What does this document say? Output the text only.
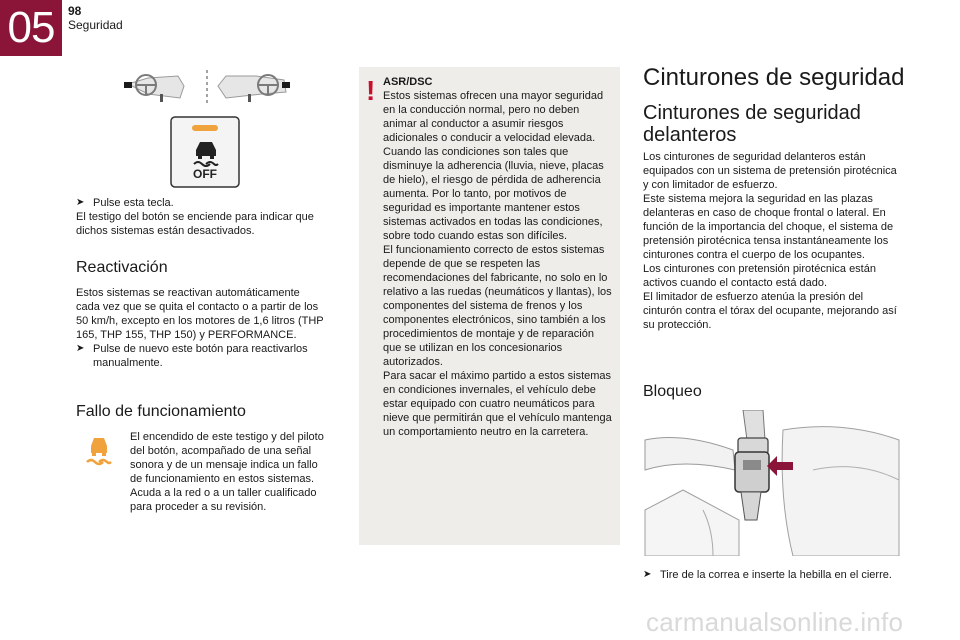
05	98
Seguridad
OFF

➤ Pulse esta tecla.

El testigo del botón se enciende para indicar que dichos sistemas están desactivados.

Reactivación

Estos sistemas se reactivan automáticamente cada vez que se quita el contacto o a partir de los 50 km/h, excepto en los motores de 1,6 litros (THP 165, THP 155, THP 150) y PERFORMANCE.

➤ Pulse de nuevo este botón para reactivarlos manualmente.

Fallo de funcionamiento

El encendido de este testigo y del piloto del botón, acompañado de una señal sonora y de un mensaje indica un fallo de funcionamiento en estos sistemas. Acuda a la red o a un taller cualificado para proceder a su revisión.

! ASR/DSC

Estos sistemas ofrecen una mayor seguridad en la conducción normal, pero no deben animar al conductor a asumir riesgos adicionales o conducir a velocidad elevada.

Cuando las condiciones son tales que disminuye la adherencia (lluvia, nieve, placas de hielo), el riesgo de pérdida de adherencia aumenta. Por lo tanto, por motivos de seguridad es importante mantener estos sistemas activados en todas las condiciones, sobre todo cuando estas son difíciles.

El funcionamiento correcto de estos sistemas depende de que se respeten las recomendaciones del fabricante, no solo en lo relativo a las ruedas (neumáticos y llantas), los componentes del sistema de frenos y los componentes electrónicos, sino también a los procedimientos de montaje y de reparación que se utilizan en los concesionarios autorizados.

Para sacar el máximo partido a estos sistemas en condiciones invernales, el vehículo debe estar equipado con cuatro neumáticos para nieve que permitirán que el vehículo mantenga un comportamiento neutro en la carretera.

Cinturones de seguridad
Cinturones de seguridad delanteros

Los cinturones de seguridad delanteros están equipados con un sistema de pretensión pirotécnica y con limitador de esfuerzo.

Este sistema mejora la seguridad en las plazas delanteras en caso de choque frontal o lateral. En función de la importancia del choque, el sistema de pretensión pirotécnica tensa instantáneamente los cinturones contra el cuerpo de los ocupantes.

Los cinturones con pretensión pirotécnica están activos cuando el contacto está dado.

El limitador de esfuerzo atenúa la presión del cinturón contra el tórax del ocupante, mejorando así su protección.

Bloqueo

➤ Tire de la correa e inserte la hebilla en el cierre.

carmanualsonline.info
